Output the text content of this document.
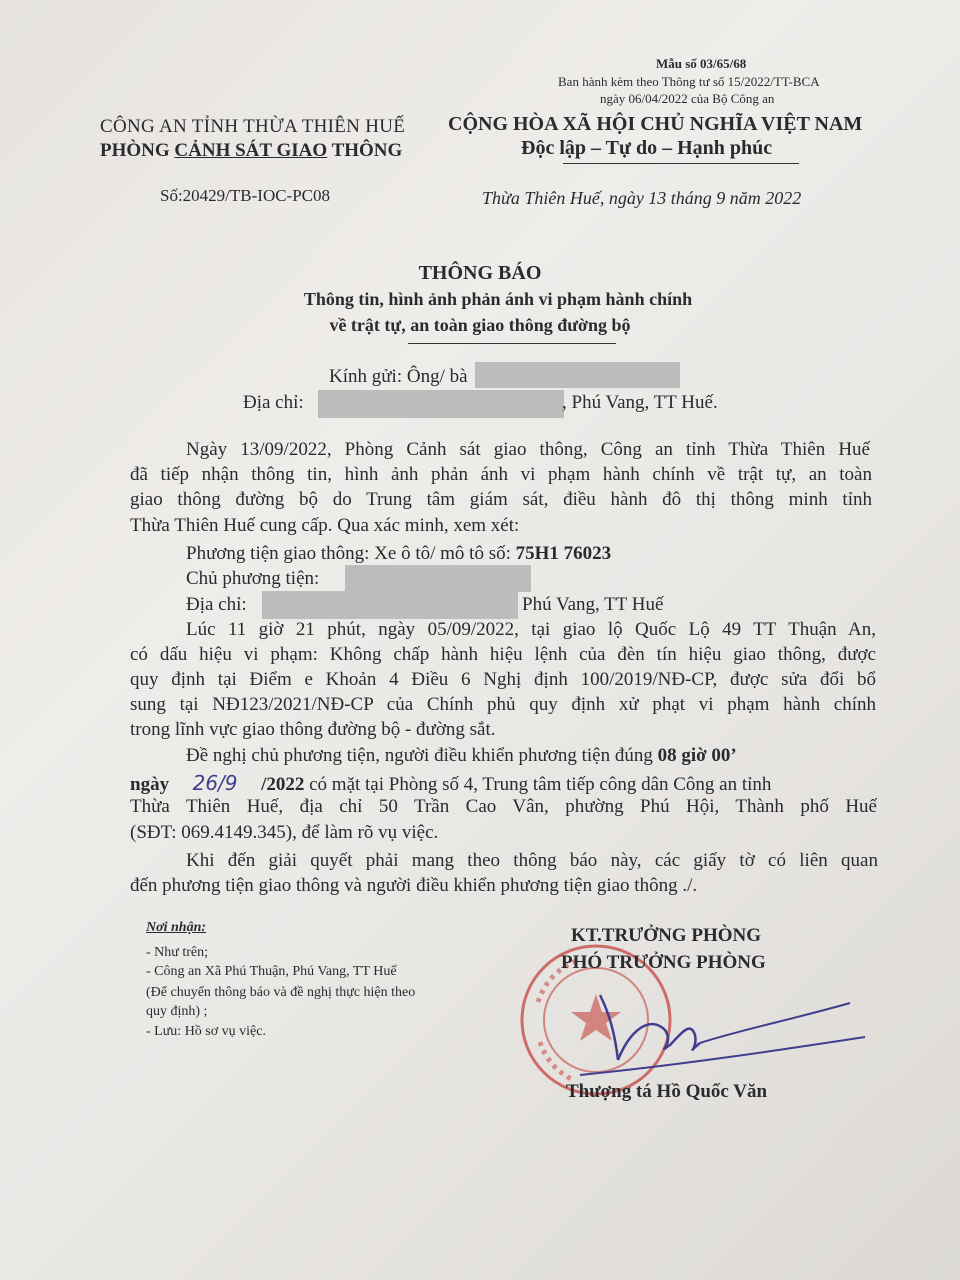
Mẫu số 03/65/68
Ban hành kèm theo Thông tư số 15/2022/TT-BCA
ngày 06/04/2022 của Bộ Công an
CÔNG AN TỈNH THỪA THIÊN HUẾ
PHÒNG CẢNH SÁT GIAO THÔNG
CỘNG HÒA XÃ HỘI CHỦ NGHĨA VIỆT NAM
Độc lập – Tự do – Hạnh phúc
Số:20429/TB-IOC-PC08	Thừa Thiên Huế, ngày 13 tháng 9 năm 2022
THÔNG BÁO
Thông tin, hình ảnh phản ánh vi phạm hành chính
về trật tự, an toàn giao thông đường bộ
Kính gửi: Ông/ bà
Địa chỉ:	, Phú Vang, TT Huế.
Ngày 13/09/2022, Phòng Cảnh sát giao thông, Công an tỉnh Thừa Thiên Huế
đã tiếp nhận thông tin, hình ảnh phản ánh vi phạm hành chính về trật tự, an toàn
giao thông đường bộ do Trung tâm giám sát, điều hành đô thị thông minh tỉnh
Thừa Thiên Huế cung cấp. Qua xác minh, xem xét:
Phương tiện giao thông: Xe ô tô/ mô tô số: 75H1 76023
Chủ phương tiện:
Địa chỉ:	Phú Vang, TT Huế
Lúc 11 giờ 21 phút, ngày 05/09/2022, tại giao lộ Quốc Lộ 49 TT Thuận An,
có dấu hiệu vi phạm: Không chấp hành hiệu lệnh của đèn tín hiệu giao thông, được
quy định tại Điểm e Khoản 4 Điều 6 Nghị định 100/2019/NĐ-CP, được sửa đổi bổ
sung tại NĐ123/2021/NĐ-CP của Chính phủ quy định xử phạt vi phạm hành chính
trong lĩnh vực giao thông đường bộ - đường sắt.
Đề nghị chủ phương tiện, người điều khiển phương tiện đúng 08 giờ 00’
ngày 26/9 /2022 có mặt tại Phòng số 4, Trung tâm tiếp công dân Công an tỉnh
Thừa Thiên Huế, địa chỉ 50 Trần Cao Vân, phường Phú Hội, Thành phố Huế
(SĐT: 069.4149.345), để làm rõ vụ việc.
Khi đến giải quyết phải mang theo thông báo này, các giấy tờ có liên quan
đến phương tiện giao thông và người điều khiển phương tiện giao thông ./.
Nơi nhận:
- Như trên;
- Công an Xã Phú Thuận, Phú Vang, TT Huế
(Để chuyển thông báo và đề nghị thực hiện theo
quy định) ;
- Lưu: Hồ sơ vụ việc.
KT.TRƯỞNG PHÒNG
PHÓ TRƯỞNG PHÒNG
Thượng tá Hồ Quốc Văn
